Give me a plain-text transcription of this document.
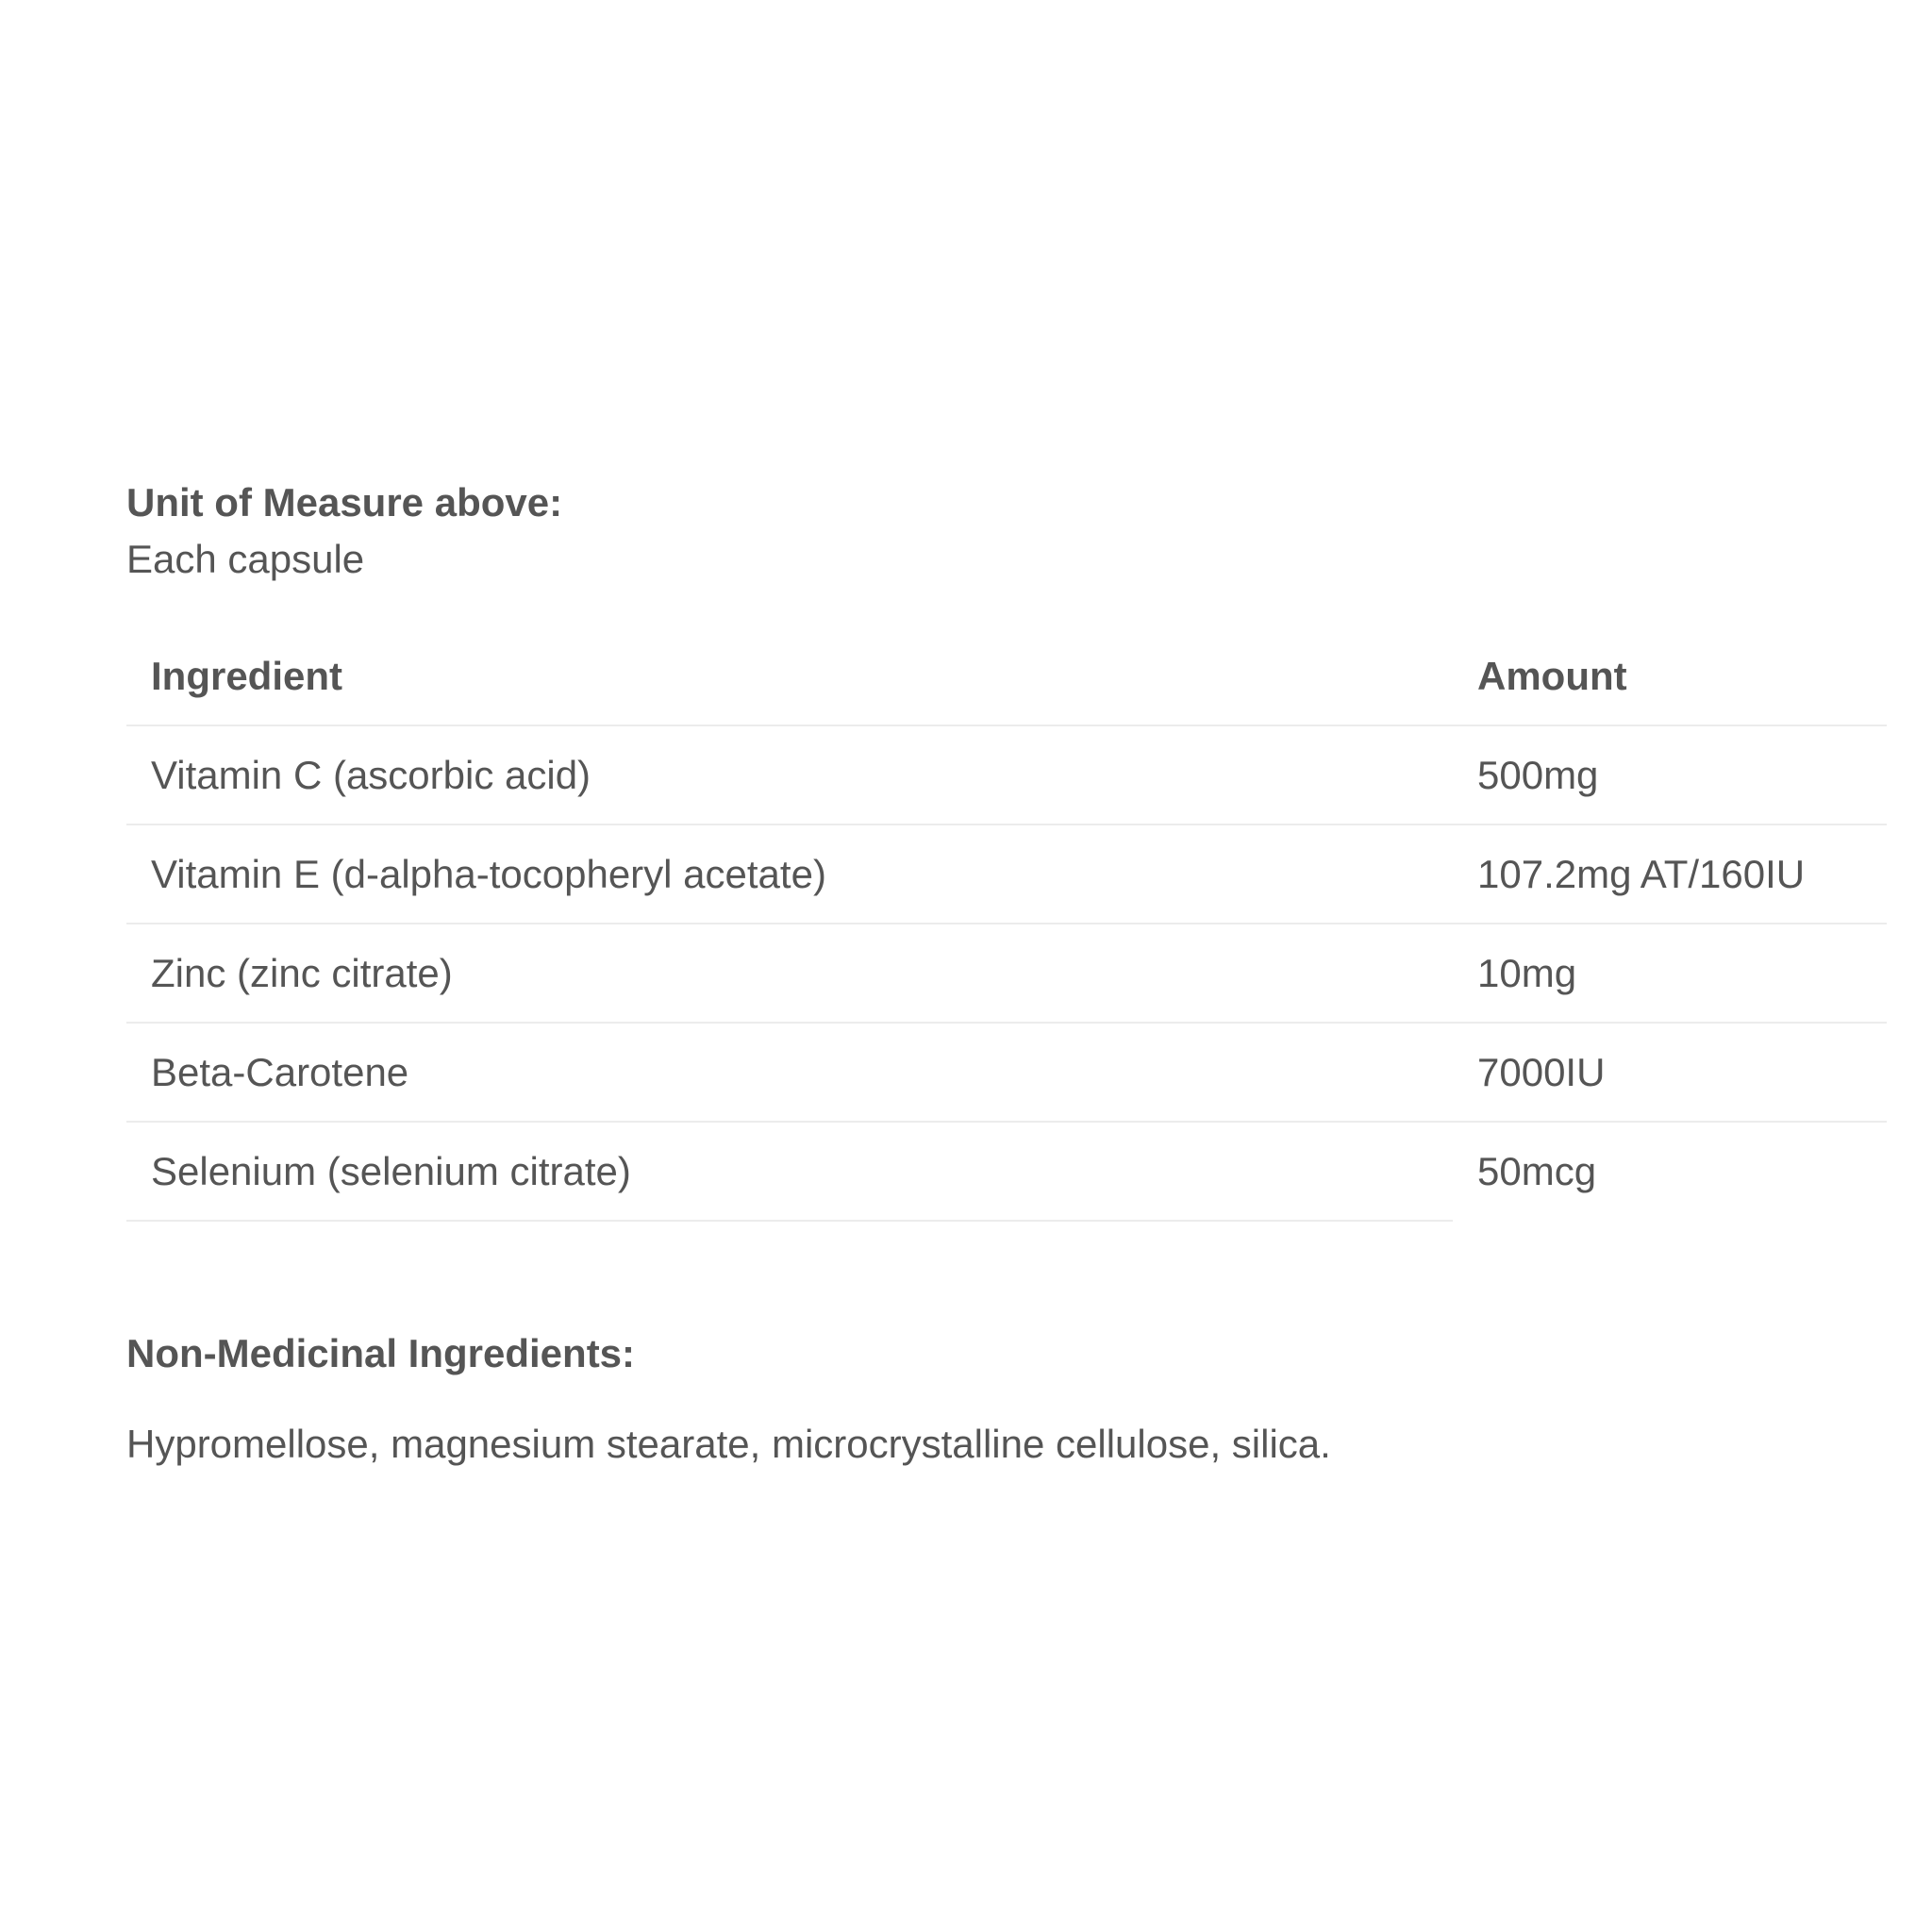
Unit of Measure above:

Each capsule

Ingredient	Amount
Vitamin C (ascorbic acid)	500mg
Vitamin E (d-alpha-tocopheryl acetate)	107.2mg AT/160IU
Zinc (zinc citrate)	10mg
Beta-Carotene	7000IU
Selenium (selenium citrate)	50mcg

Non-Medicinal Ingredients:

Hypromellose, magnesium stearate, microcrystalline cellulose, silica.
